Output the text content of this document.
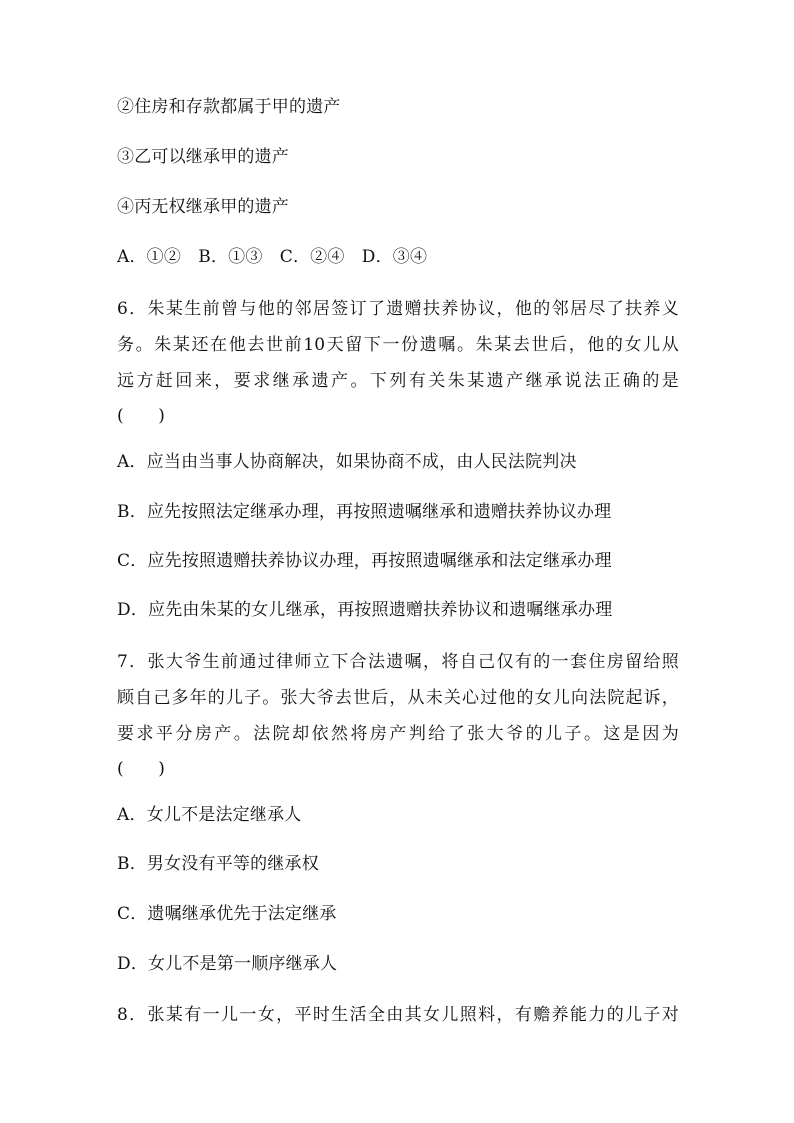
②住房和存款都属于甲的遗产
③乙可以继承甲的遗产
④丙无权继承甲的遗产
A．①②　B．①③　C．②④　D．③④
6．朱某生前曾与他的邻居签订了遗赠扶养协议，他的邻居尽了扶养义
务。朱某还在他去世前10天留下一份遗嘱。朱某去世后，他的女儿从
远方赶回来，要求继承遗产。下列有关朱某遗产继承说法正确的是
(　　)
A．应当由当事人协商解决，如果协商不成，由人民法院判决
B．应先按照法定继承办理，再按照遗嘱继承和遗赠扶养协议办理
C．应先按照遗赠扶养协议办理，再按照遗嘱继承和法定继承办理
D．应先由朱某的女儿继承，再按照遗赠扶养协议和遗嘱继承办理
7．张大爷生前通过律师立下合法遗嘱，将自己仅有的一套住房留给照
顾自己多年的儿子。张大爷去世后，从未关心过他的女儿向法院起诉，
要求平分房产。法院却依然将房产判给了张大爷的儿子。这是因为
(　　)
A．女儿不是法定继承人
B．男女没有平等的继承权
C．遗嘱继承优先于法定继承
D．女儿不是第一顺序继承人
8．张某有一儿一女，平时生活全由其女儿照料，有赡养能力的儿子对
